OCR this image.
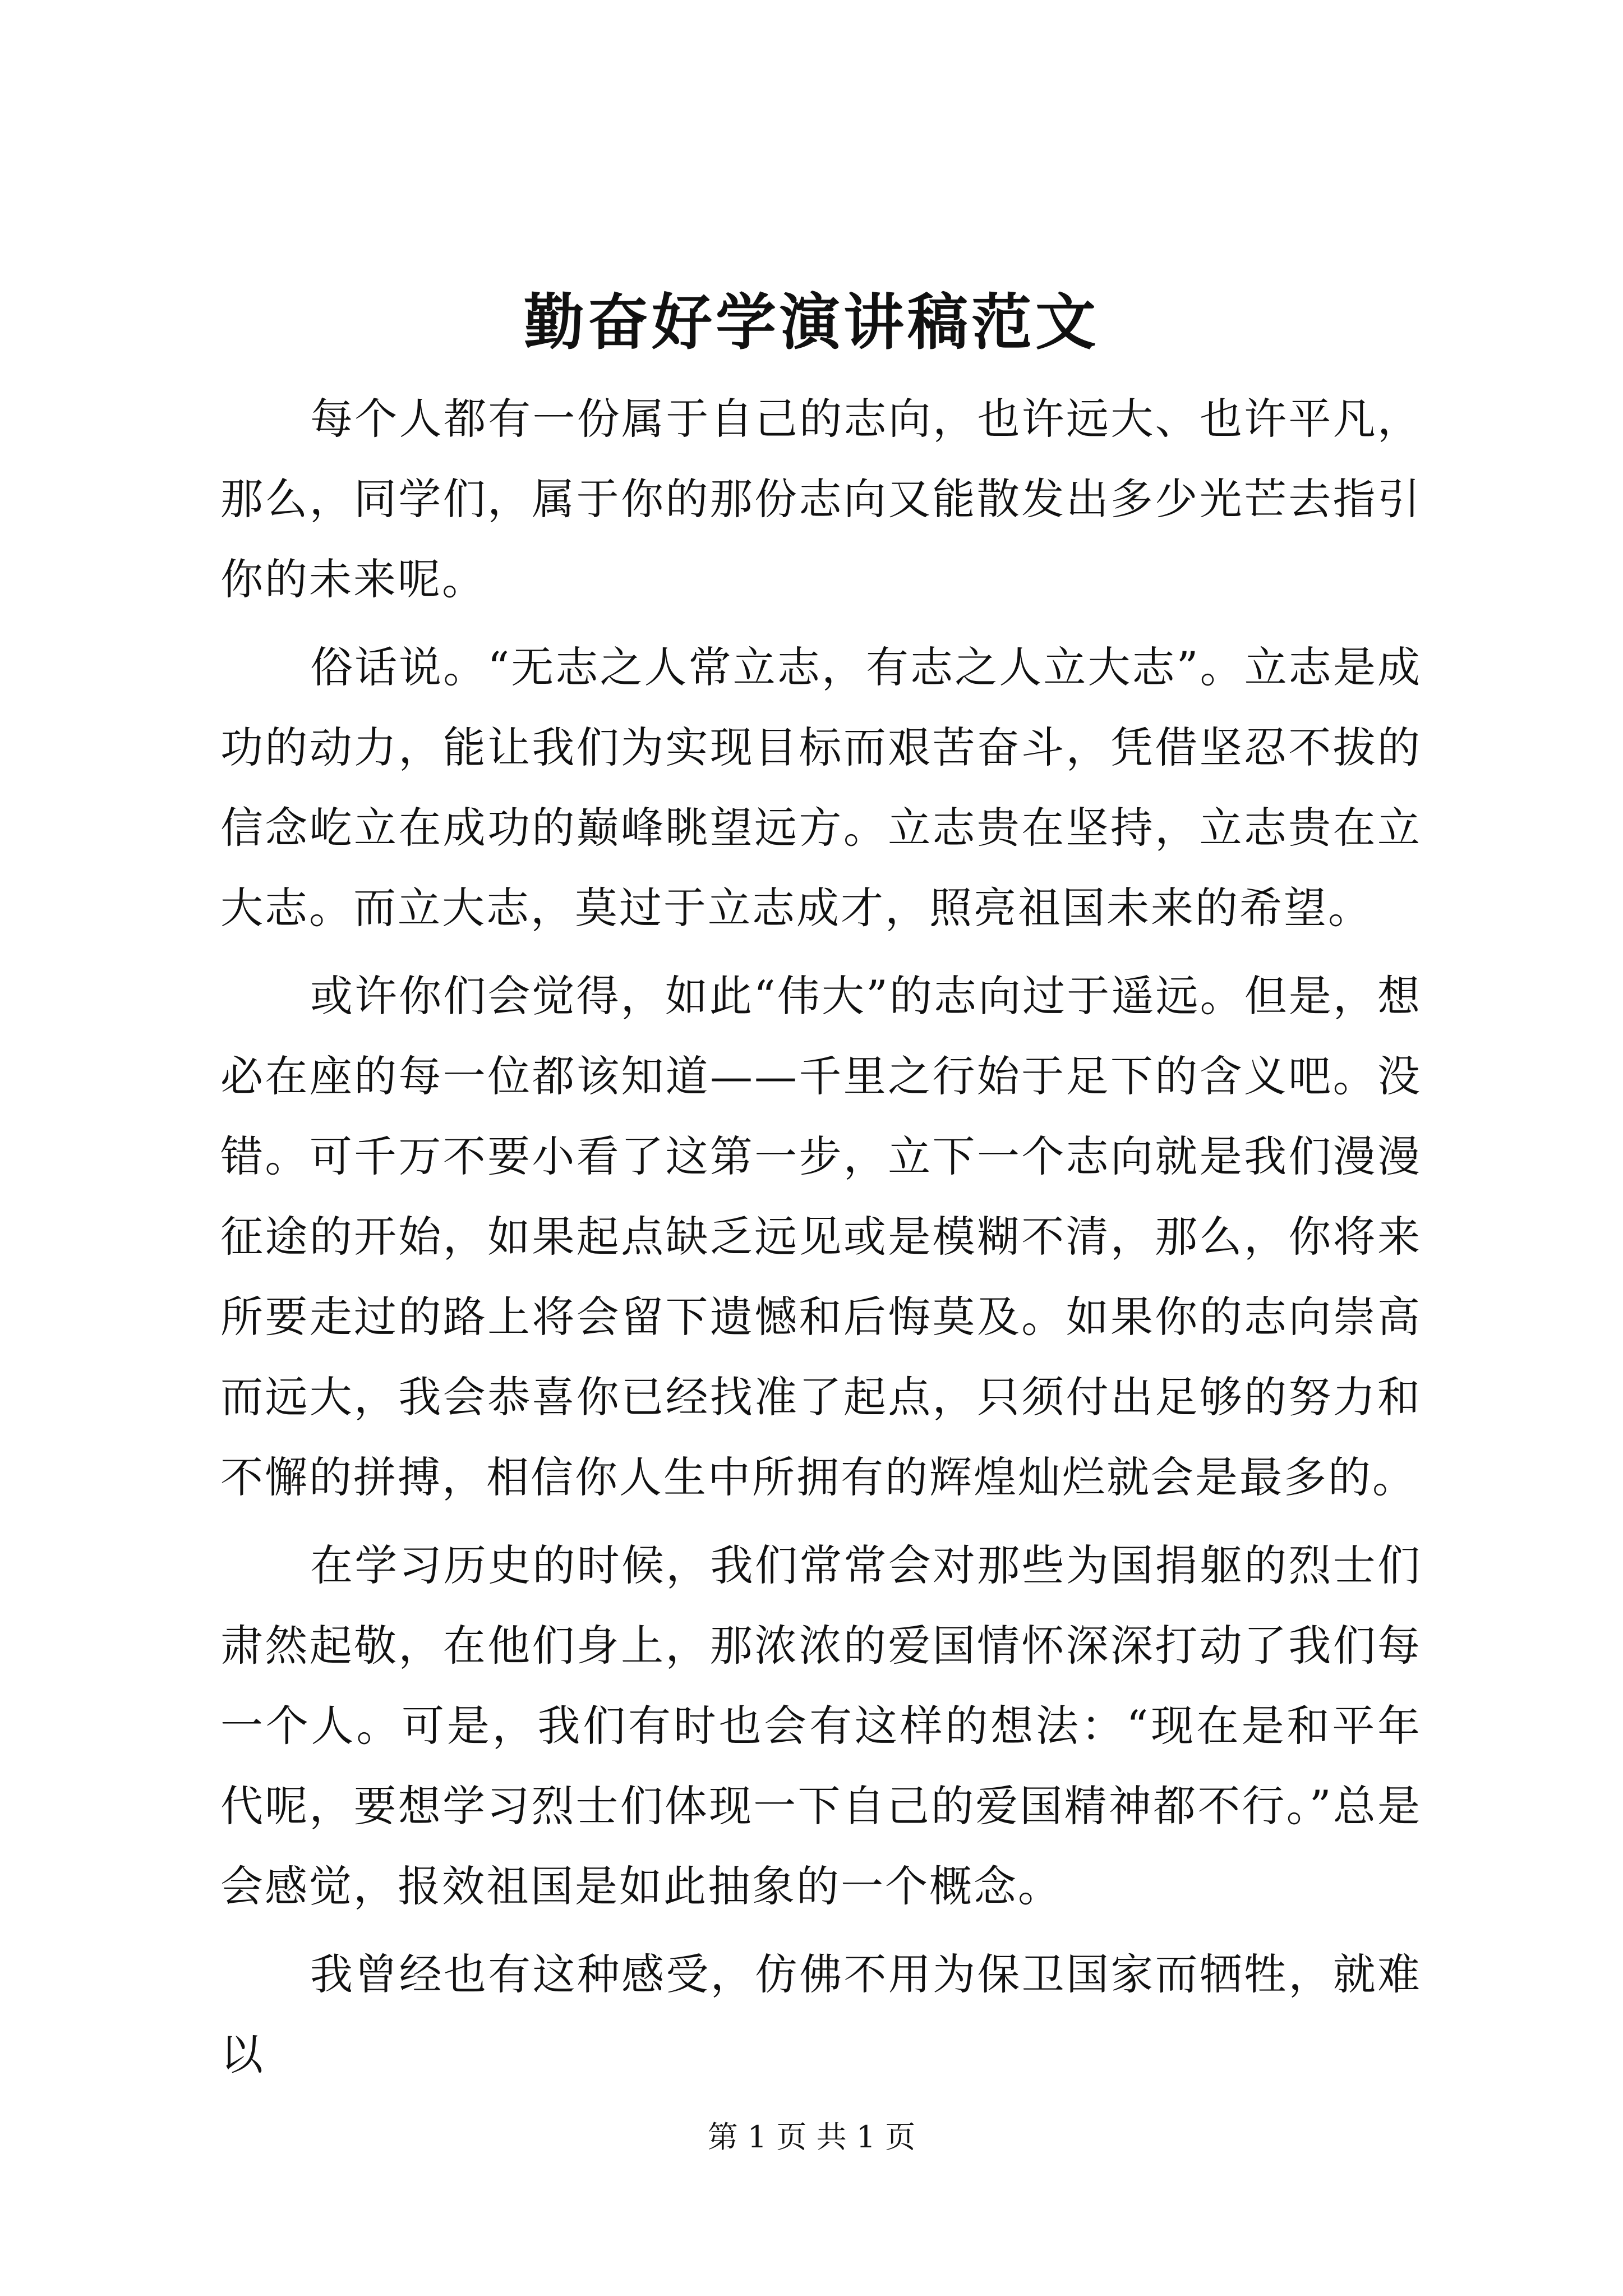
勤奋好学演讲稿范文

每个人都有一份属于自己的志向，也许远大、也许平凡，那么，同学们，属于你的那份志向又能散发出多少光芒去指引你的未来呢。

俗话说。“无志之人常立志，有志之人立大志”。立志是成功的动力，能让我们为实现目标而艰苦奋斗，凭借坚忍不拔的信念屹立在成功的巅峰眺望远方。立志贵在坚持，立志贵在立大志。而立大志，莫过于立志成才，照亮祖国未来的希望。

或许你们会觉得，如此“伟大”的志向过于遥远。但是，想必在座的每一位都该知道——千里之行始于足下的含义吧。没错。可千万不要小看了这第一步，立下一个志向就是我们漫漫征途的开始，如果起点缺乏远见或是模糊不清，那么，你将来所要走过的路上将会留下遗憾和后悔莫及。如果你的志向崇高而远大，我会恭喜你已经找准了起点，只须付出足够的努力和不懈的拼搏，相信你人生中所拥有的辉煌灿烂就会是最多的。

在学习历史的时候，我们常常会对那些为国捐躯的烈士们肃然起敬，在他们身上，那浓浓的爱国情怀深深打动了我们每一个人。可是，我们有时也会有这样的想法：“现在是和平年代呢，要想学习烈士们体现一下自己的爱国精神都不行。”总是会感觉，报效祖国是如此抽象的一个概念。

我曾经也有这种感受，仿佛不用为保卫国家而牺牲，就难以

第 1 页 共 1 页
